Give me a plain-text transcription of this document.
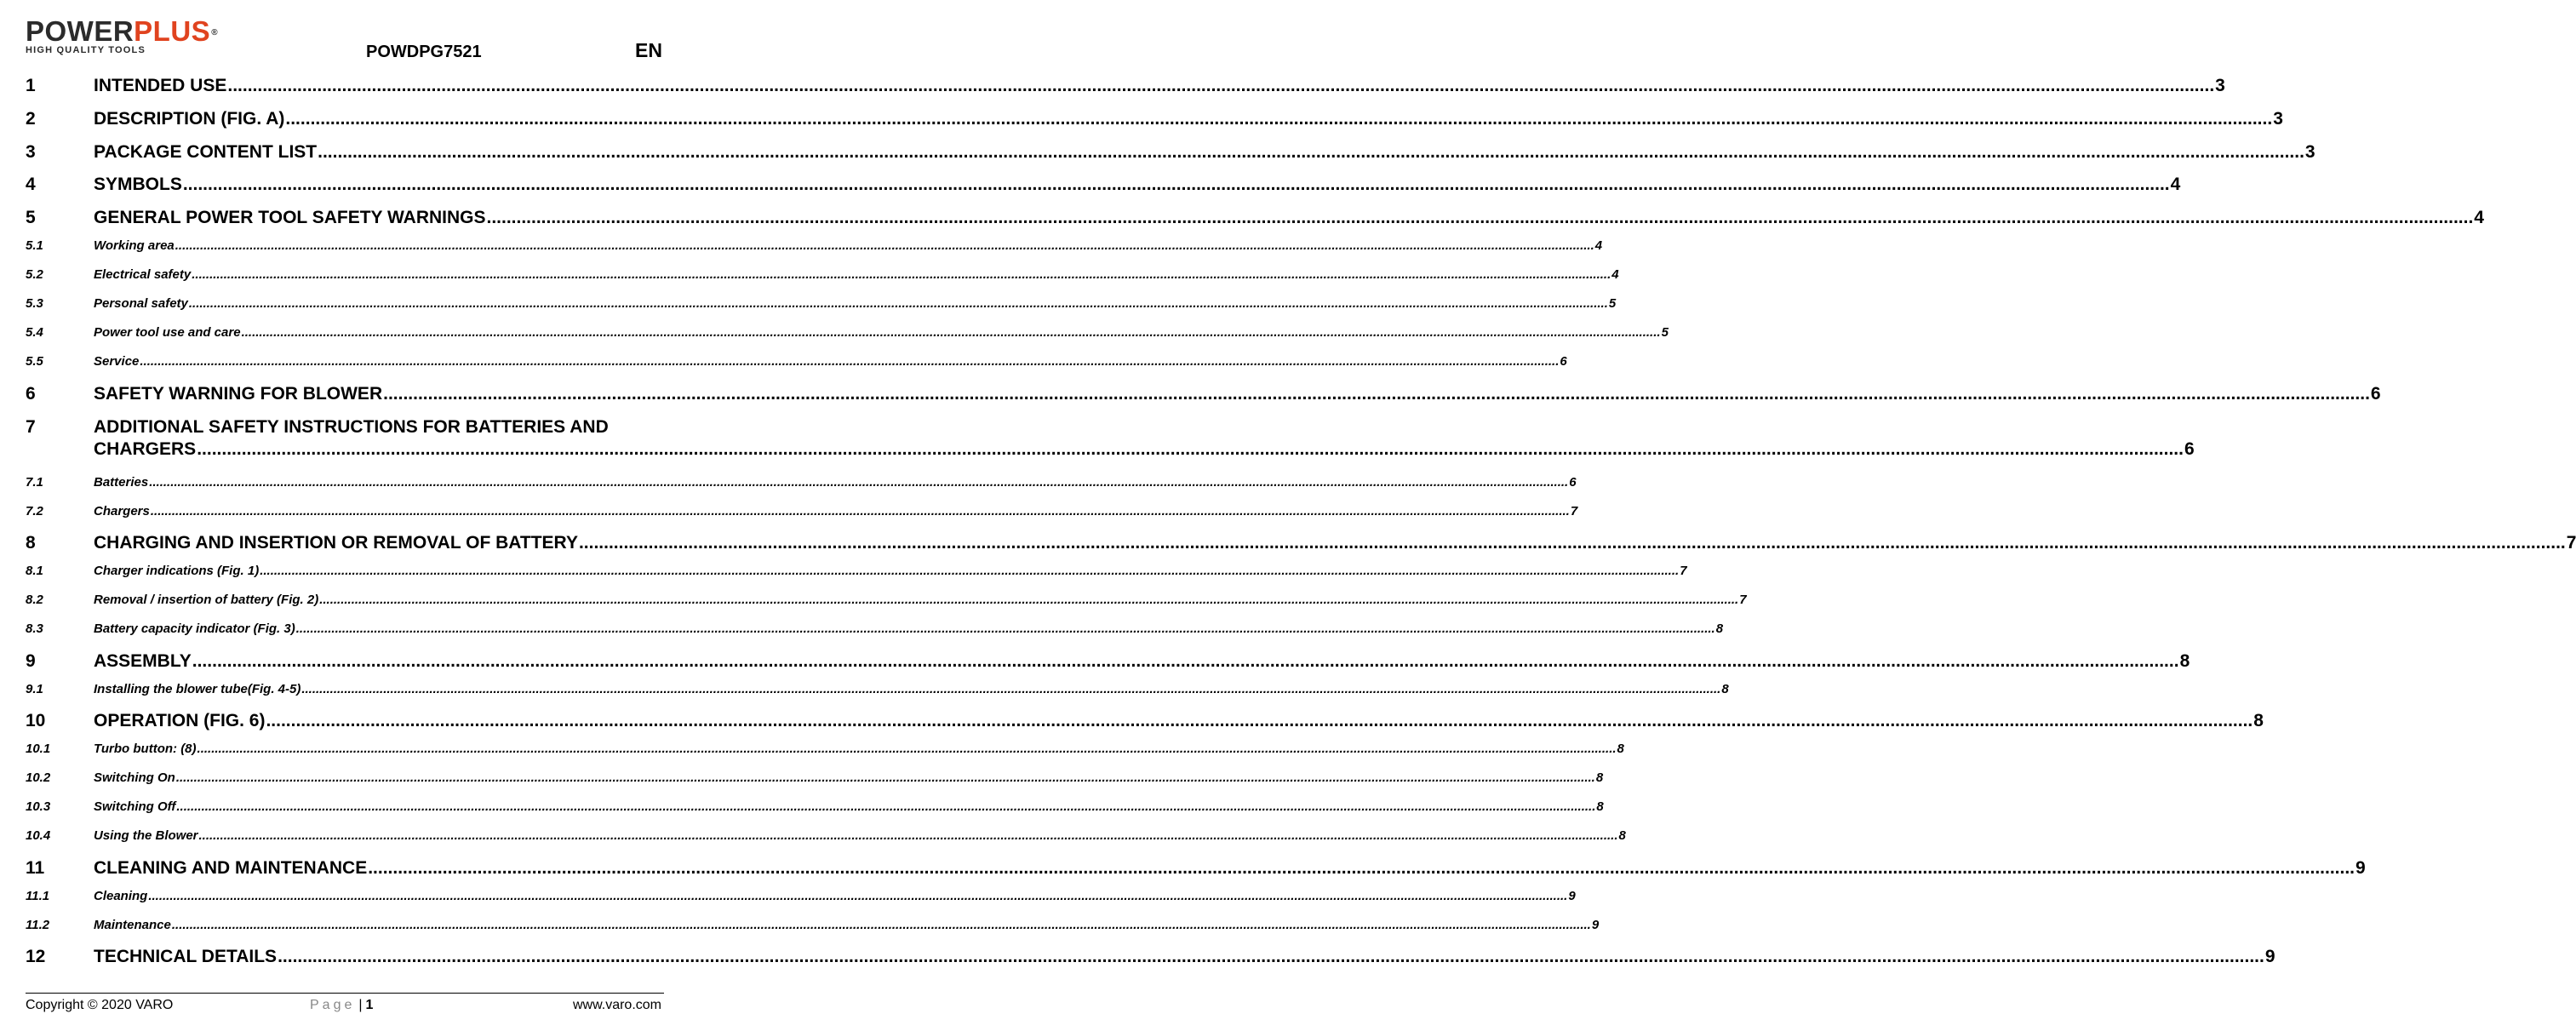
POWERPLUS®
HIGH QUALITY TOOLS	POWDPG7521	EN
1	INTENDED USE ................................................................................................................................................................................................................................................................................................................................................................................................................ 3
2	DESCRIPTION (FIG. A) ................................................................................................................................................................................................................................................................................................................................................................................................................ 3
3	PACKAGE CONTENT LIST ................................................................................................................................................................................................................................................................................................................................................................................................................ 3
4	SYMBOLS ................................................................................................................................................................................................................................................................................................................................................................................................................ 4
5	GENERAL POWER TOOL SAFETY WARNINGS ................................................................................................................................................................................................................................................................................................................................................................................................................ 4
5.1	Working area ................................................................................................................................................................................................................................................................................................................................................................................................................ 4
5.2	Electrical safety ................................................................................................................................................................................................................................................................................................................................................................................................................ 4
5.3	Personal safety ................................................................................................................................................................................................................................................................................................................................................................................................................ 5
5.4	Power tool use and care ................................................................................................................................................................................................................................................................................................................................................................................................................ 5
5.5	Service ................................................................................................................................................................................................................................................................................................................................................................................................................ 6
6	SAFETY WARNING FOR BLOWER ................................................................................................................................................................................................................................................................................................................................................................................................................ 6
7	ADDITIONAL SAFETY INSTRUCTIONS FOR BATTERIES AND
CHARGERS ................................................................................................................................................................................................................................................................................................................................................................................................................ 6
7.1	Batteries ................................................................................................................................................................................................................................................................................................................................................................................................................ 6
7.2	Chargers ................................................................................................................................................................................................................................................................................................................................................................................................................ 7
8	CHARGING AND INSERTION OR REMOVAL OF BATTERY ................................................................................................................................................................................................................................................................................................................................................................................................................ 7
8.1	Charger indications (Fig. 1) ................................................................................................................................................................................................................................................................................................................................................................................................................ 7
8.2	Removal / insertion of battery (Fig. 2) ................................................................................................................................................................................................................................................................................................................................................................................................................ 7
8.3	Battery capacity indicator (Fig. 3) ................................................................................................................................................................................................................................................................................................................................................................................................................ 8
9	ASSEMBLY ................................................................................................................................................................................................................................................................................................................................................................................................................ 8
9.1	Installing the blower tube(Fig. 4-5) ................................................................................................................................................................................................................................................................................................................................................................................................................ 8
10	OPERATION (FIG. 6) ................................................................................................................................................................................................................................................................................................................................................................................................................ 8
10.1	Turbo button: (8) ................................................................................................................................................................................................................................................................................................................................................................................................................ 8
10.2	Switching On ................................................................................................................................................................................................................................................................................................................................................................................................................ 8
10.3	Switching Off ................................................................................................................................................................................................................................................................................................................................................................................................................ 8
10.4	Using the Blower ................................................................................................................................................................................................................................................................................................................................................................................................................ 8
11	CLEANING AND MAINTENANCE ................................................................................................................................................................................................................................................................................................................................................................................................................ 9
11.1	Cleaning ................................................................................................................................................................................................................................................................................................................................................................................................................ 9
11.2	Maintenance ................................................................................................................................................................................................................................................................................................................................................................................................................ 9
12	TECHNICAL DETAILS ................................................................................................................................................................................................................................................................................................................................................................................................................ 9
Copyright © 2020 VARO	Page | 1	www.varo.com
